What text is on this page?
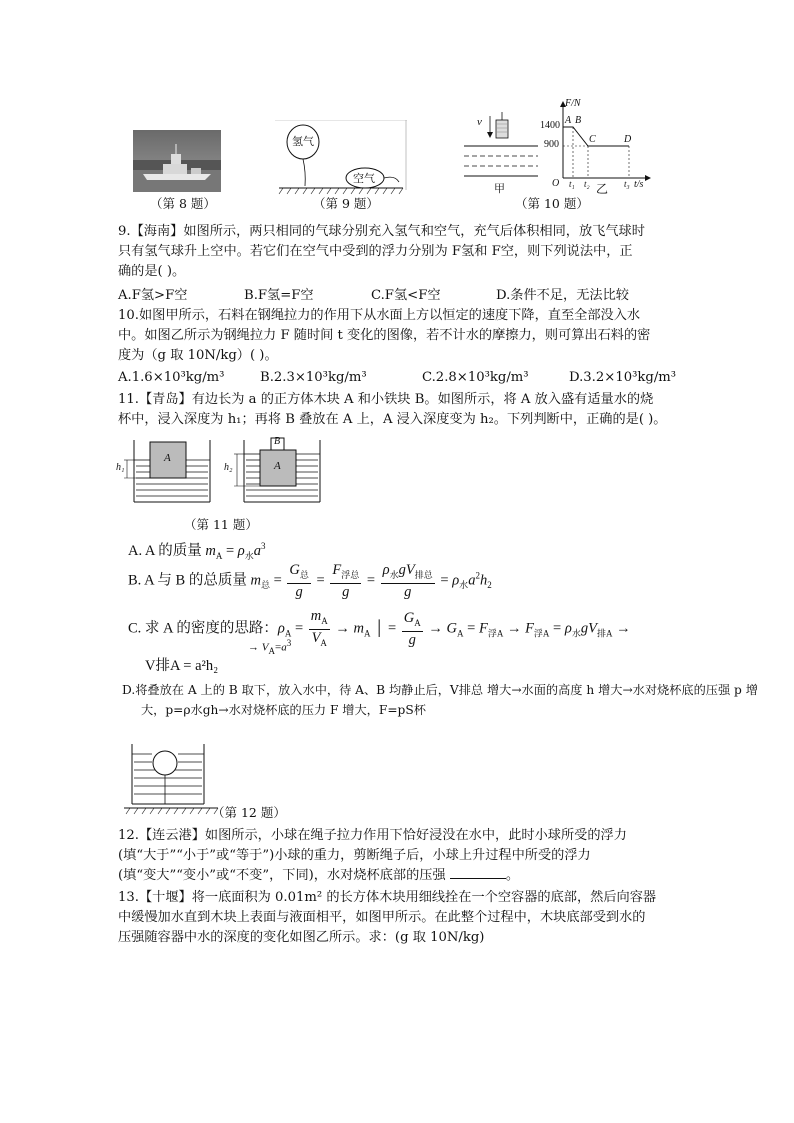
（第 8 题）
氢气
空气
（第 9 题）
v
甲
F/N
t/s
1400
900
O
A B
C	D
t₁ t₂	t₃
乙
（第 10 题）
9.【海南】如图所示，两只相同的气球分别充入氢气和空气，充气后体积相同，放飞气球时
只有氢气球升上空中。若它们在空气中受到的浮力分别为 F氢和 F空，则下列说法中，正
确的是( )。
A.F氢>F空	B.F氢=F空	C.F氢<F空	D.条件不足，无法比较
10.如图甲所示，石料在钢绳拉力的作用下从水面上方以恒定的速度下降，直至全部没入水
中。如图乙所示为钢绳拉力 F 随时间 t 变化的图像，若不计水的摩擦力，则可算出石料的密
度为（g 取 10N/kg）( )。
A.1.6×10³kg/m³	B.2.3×10³kg/m³	C.2.8×10³kg/m³	D.3.2×10³kg/m³
11.【青岛】有边长为 a 的正方体木块 A 和小铁块 B。如图所示，将 A 放入盛有适量水的烧
杯中，浸入深度为 h₁；再将 B 叠放在 A 上，A 浸入深度变为 h₂。下列判断中，正确的是( )。
A
A
B
h₁	h₂
（第 11 题）
A. A 的质量 $m_A = \rho_水a^3$
B. A 与 B 的总质量 $m_总 = \frac{G_总}{g} = \frac{F_{浮总}}{g} = \frac{\rho_水gV_{排总}}{g} = \rho_水a^2h_2$
C. 求 A 的密度的思路：$\rho_A = \frac{m_A}{V_A} \to m_A$ │ = $\frac{G_A}{g} \to G_A = F_{浮A} \to F_{浮A} = \rho_水gV_{排A}$ →
→ $V_A=a^3$
V排A = a²h₂
D.将叠放在 A 上的 B 取下，放入水中，待 A、B 均静止后，V排总 增大→水面的高度 h 增大→水对烧杯底的压强 p 增
大，p=ρ水gh→水对烧杯底的压力 F 增大，F=pS杯
（第 12 题）
12.【连云港】如图所示，小球在绳子拉力作用下恰好浸没在水中，此时小球所受的浮力
(填“大于”“小于”或“等于”)小球的重力，剪断绳子后，小球上升过程中所受的浮力
(填“变大”“变小”或“不变”，下同)，水对烧杯底部的压强	。
13.【十堰】将一底面积为 0.01m² 的长方体木块用细线拴在一个空容器的底部，然后向容器
中缓慢加水直到木块上表面与液面相平，如图甲所示。在此整个过程中，木块底部受到水的
压强随容器中水的深度的变化如图乙所示。求：(g 取 10N/kg)
